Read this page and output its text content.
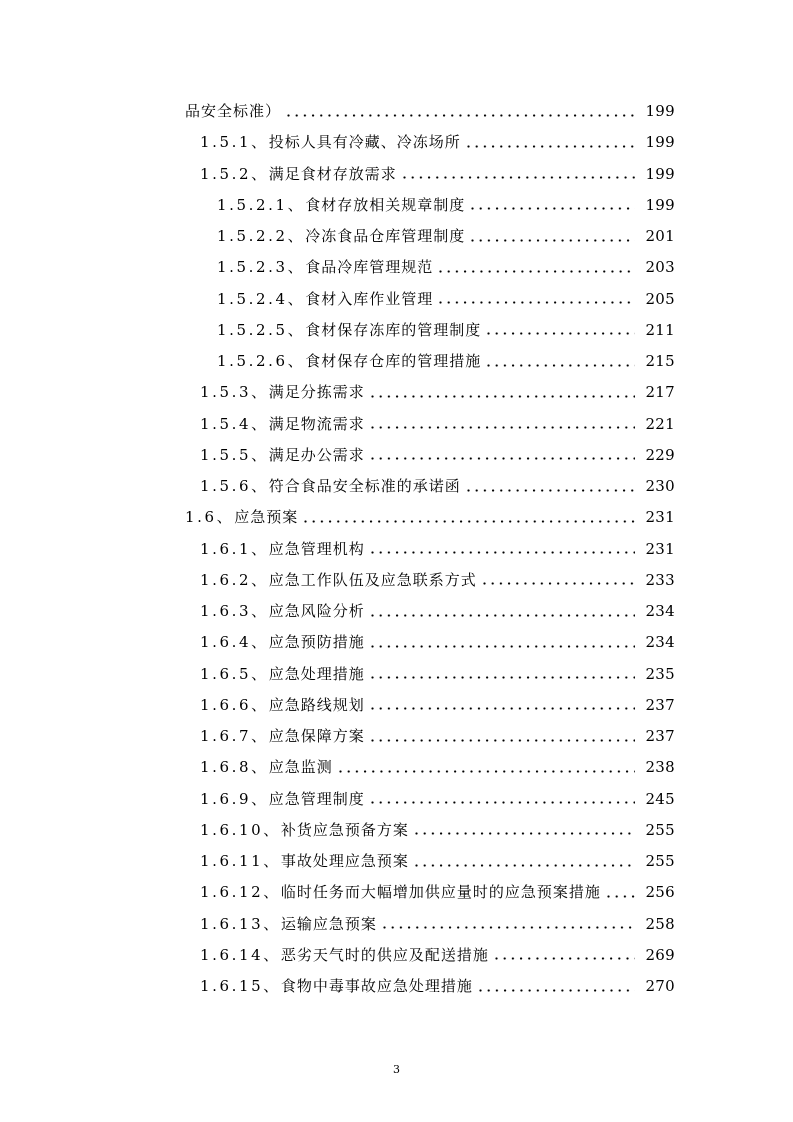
品安全标准）	199
1.5.1、 投标人具有冷藏、冷冻场所	199
1.5.2、 满足食材存放需求	199
1.5.2.1、 食材存放相关规章制度	199
1.5.2.2、 冷冻食品仓库管理制度	201
1.5.2.3、 食品冷库管理规范	203
1.5.2.4、 食材入库作业管理	205
1.5.2.5、 食材保存冻库的管理制度	211
1.5.2.6、 食材保存仓库的管理措施	215
1.5.3、 满足分拣需求	217
1.5.4、 满足物流需求	221
1.5.5、 满足办公需求	229
1.5.6、 符合食品安全标准的承诺函	230
1.6、 应急预案	231
1.6.1、 应急管理机构	231
1.6.2、 应急工作队伍及应急联系方式	233
1.6.3、 应急风险分析	234
1.6.4、 应急预防措施	234
1.6.5、 应急处理措施	235
1.6.6、 应急路线规划	237
1.6.7、 应急保障方案	237
1.6.8、 应急监测	238
1.6.9、 应急管理制度	245
1.6.10、 补货应急预备方案	255
1.6.11、 事故处理应急预案	255
1.6.12、 临时任务而大幅增加供应量时的应急预案措施	256
1.6.13、 运输应急预案	258
1.6.14、 恶劣天气时的供应及配送措施	269
1.6.15、 食物中毒事故应急处理措施	270
3
